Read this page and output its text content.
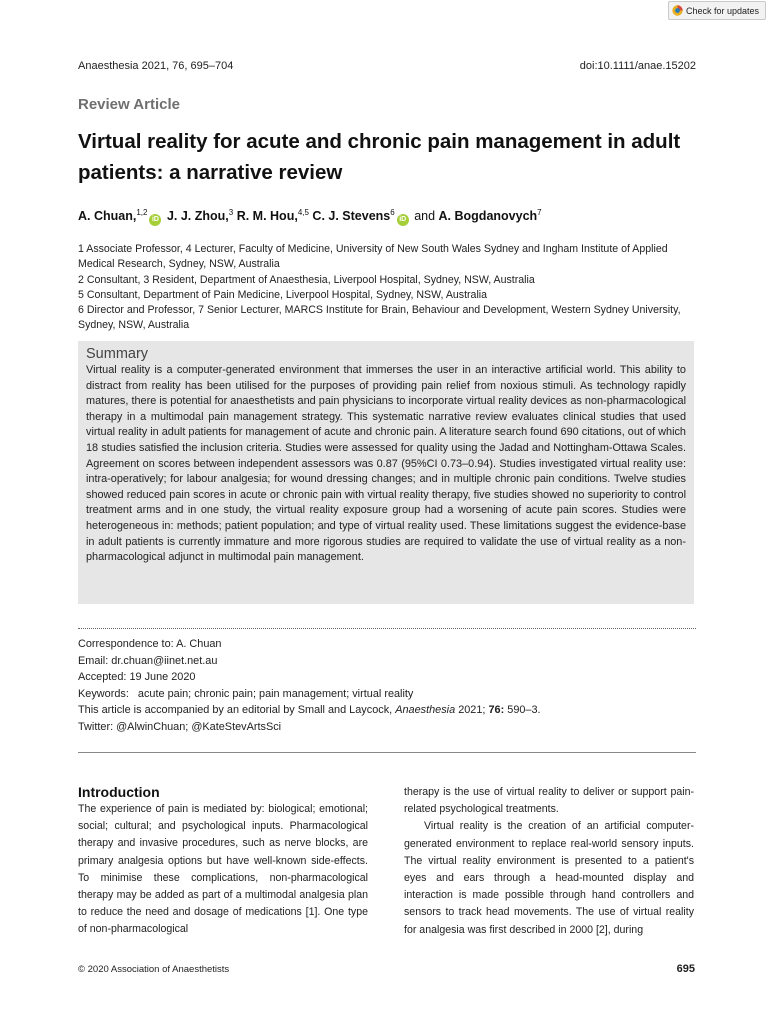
Check for updates
Anaesthesia 2021, 76, 695–704	doi:10.1111/anae.15202
Review Article
Virtual reality for acute and chronic pain management in adult patients: a narrative review
A. Chuan,$^{1,2}$iD J. J. Zhou,$^3$ R. M. Hou,$^{4,5}$ C. J. Stevens$^6$iD and A. Bogdanovych$^7$
1 Associate Professor, 4 Lecturer, Faculty of Medicine, University of New South Wales Sydney and Ingham Institute of Applied Medical Research, Sydney, NSW, Australia
2 Consultant, 3 Resident, Department of Anaesthesia, Liverpool Hospital, Sydney, NSW, Australia
5 Consultant, Department of Pain Medicine, Liverpool Hospital, Sydney, NSW, Australia
6 Director and Professor, 7 Senior Lecturer, MARCS Institute for Brain, Behaviour and Development, Western Sydney University, Sydney, NSW, Australia
Summary
Virtual reality is a computer-generated environment that immerses the user in an interactive artificial world. This ability to distract from reality has been utilised for the purposes of providing pain relief from noxious stimuli. As technology rapidly matures, there is potential for anaesthetists and pain physicians to incorporate virtual reality devices as non-pharmacological therapy in a multimodal pain management strategy. This systematic narrative review evaluates clinical studies that used virtual reality in adult patients for management of acute and chronic pain. A literature search found 690 citations, out of which 18 studies satisfied the inclusion criteria. Studies were assessed for quality using the Jadad and Nottingham-Ottawa Scales. Agreement on scores between independent assessors was 0.87 (95%CI 0.73–0.94). Studies investigated virtual reality use: intra-operatively; for labour analgesia; for wound dressing changes; and in multiple chronic pain conditions. Twelve studies showed reduced pain scores in acute or chronic pain with virtual reality therapy, five studies showed no superiority to control treatment arms and in one study, the virtual reality exposure group had a worsening of acute pain scores. Studies were heterogeneous in: methods; patient population; and type of virtual reality used. These limitations suggest the evidence-base in adult patients is currently immature and more rigorous studies are required to validate the use of virtual reality as a non-pharmacological adjunct in multimodal pain management.
Correspondence to: A. Chuan
Email: dr.chuan@iinet.net.au
Accepted: 19 June 2020
Keywords: acute pain; chronic pain; pain management; virtual reality
This article is accompanied by an editorial by Small and Laycock, Anaesthesia 2021; 76: 590–3.
Twitter: @AlwinChuan; @KateStevArtsSci
Introduction
The experience of pain is mediated by: biological; emotional; social; cultural; and psychological inputs. Pharmacological therapy and invasive procedures, such as nerve blocks, are primary analgesia options but have well-known side-effects. To minimise these complications, non-pharmacological therapy may be added as part of a multimodal analgesia plan to reduce the need and dosage of medications [1]. One type of non-pharmacological
therapy is the use of virtual reality to deliver or support pain-related psychological treatments.
Virtual reality is the creation of an artificial computer-generated environment to replace real-world sensory inputs. The virtual reality environment is presented to a patient's eyes and ears through a head-mounted display and interaction is made possible through hand controllers and sensors to track head movements. The use of virtual reality for analgesia was first described in 2000 [2], during
© 2020 Association of Anaesthetists	695
